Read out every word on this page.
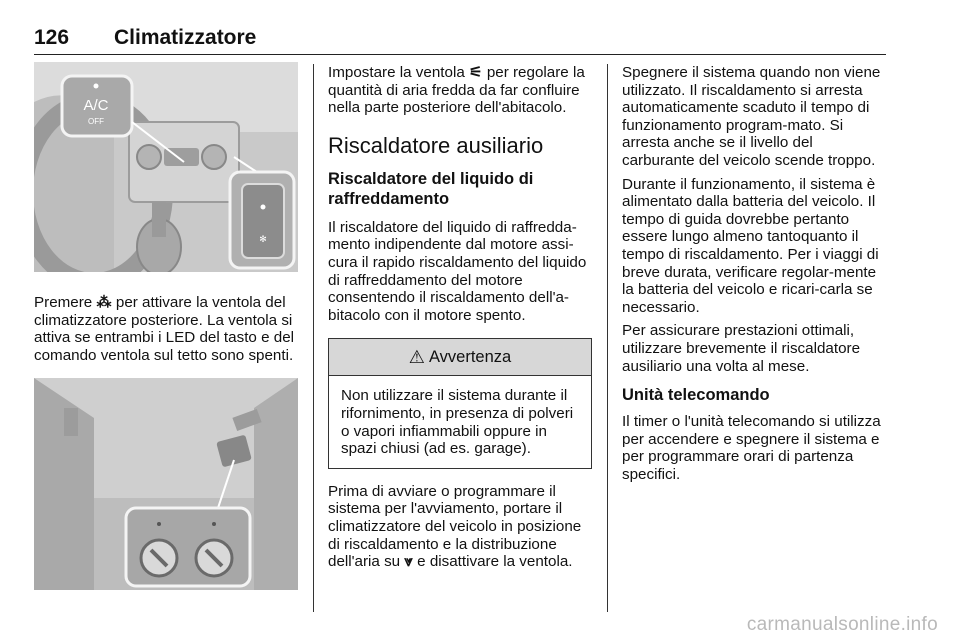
126 Climatizzatore
A/C
OFF
✻

Premere ⁂ per attivare la ventola del climatizzatore posteriore. La ventola si attiva se entrambi i LED del tasto e del comando ventola sul tetto sono spenti.

Impostare la ventola ⚟ per regolare la quantità di aria fredda da far confluire nella parte posteriore dell'abitacolo.

Riscaldatore ausiliario
Riscaldatore del liquido di raffreddamento

Il riscaldatore del liquido di raffredda-mento indipendente dal motore assi-cura il rapido riscaldamento del liquido di raffreddamento del motore consentendo il riscaldamento dell'a-bitacolo con il motore spento.

⚠ Avvertenza

Non utilizzare il sistema durante il rifornimento, in presenza di polveri o vapori infiammabili oppure in spazi chiusi (ad es. garage).

Prima di avviare o programmare il sistema per l'avviamento, portare il climatizzatore del veicolo in posizione di riscaldamento e la distribuzione dell'aria su ⩔ e disattivare la ventola.

Spegnere il sistema quando non viene utilizzato. Il riscaldamento si arresta automaticamente scaduto il tempo di funzionamento program-mato. Si arresta anche se il livello del carburante del veicolo scende troppo.

Durante il funzionamento, il sistema è alimentato dalla batteria del veicolo. Il tempo di guida dovrebbe pertanto essere lungo almeno tantoquanto il tempo di riscaldamento. Per i viaggi di breve durata, verificare regolar-mente la batteria del veicolo e ricari-carla se necessario.

Per assicurare prestazioni ottimali, utilizzare brevemente il riscaldatore ausiliario una volta al mese.

Unità telecomando

Il timer o l'unità telecomando si utilizza per accendere e spegnere il sistema e per programmare orari di partenza specifici.

carmanualsonline.info
